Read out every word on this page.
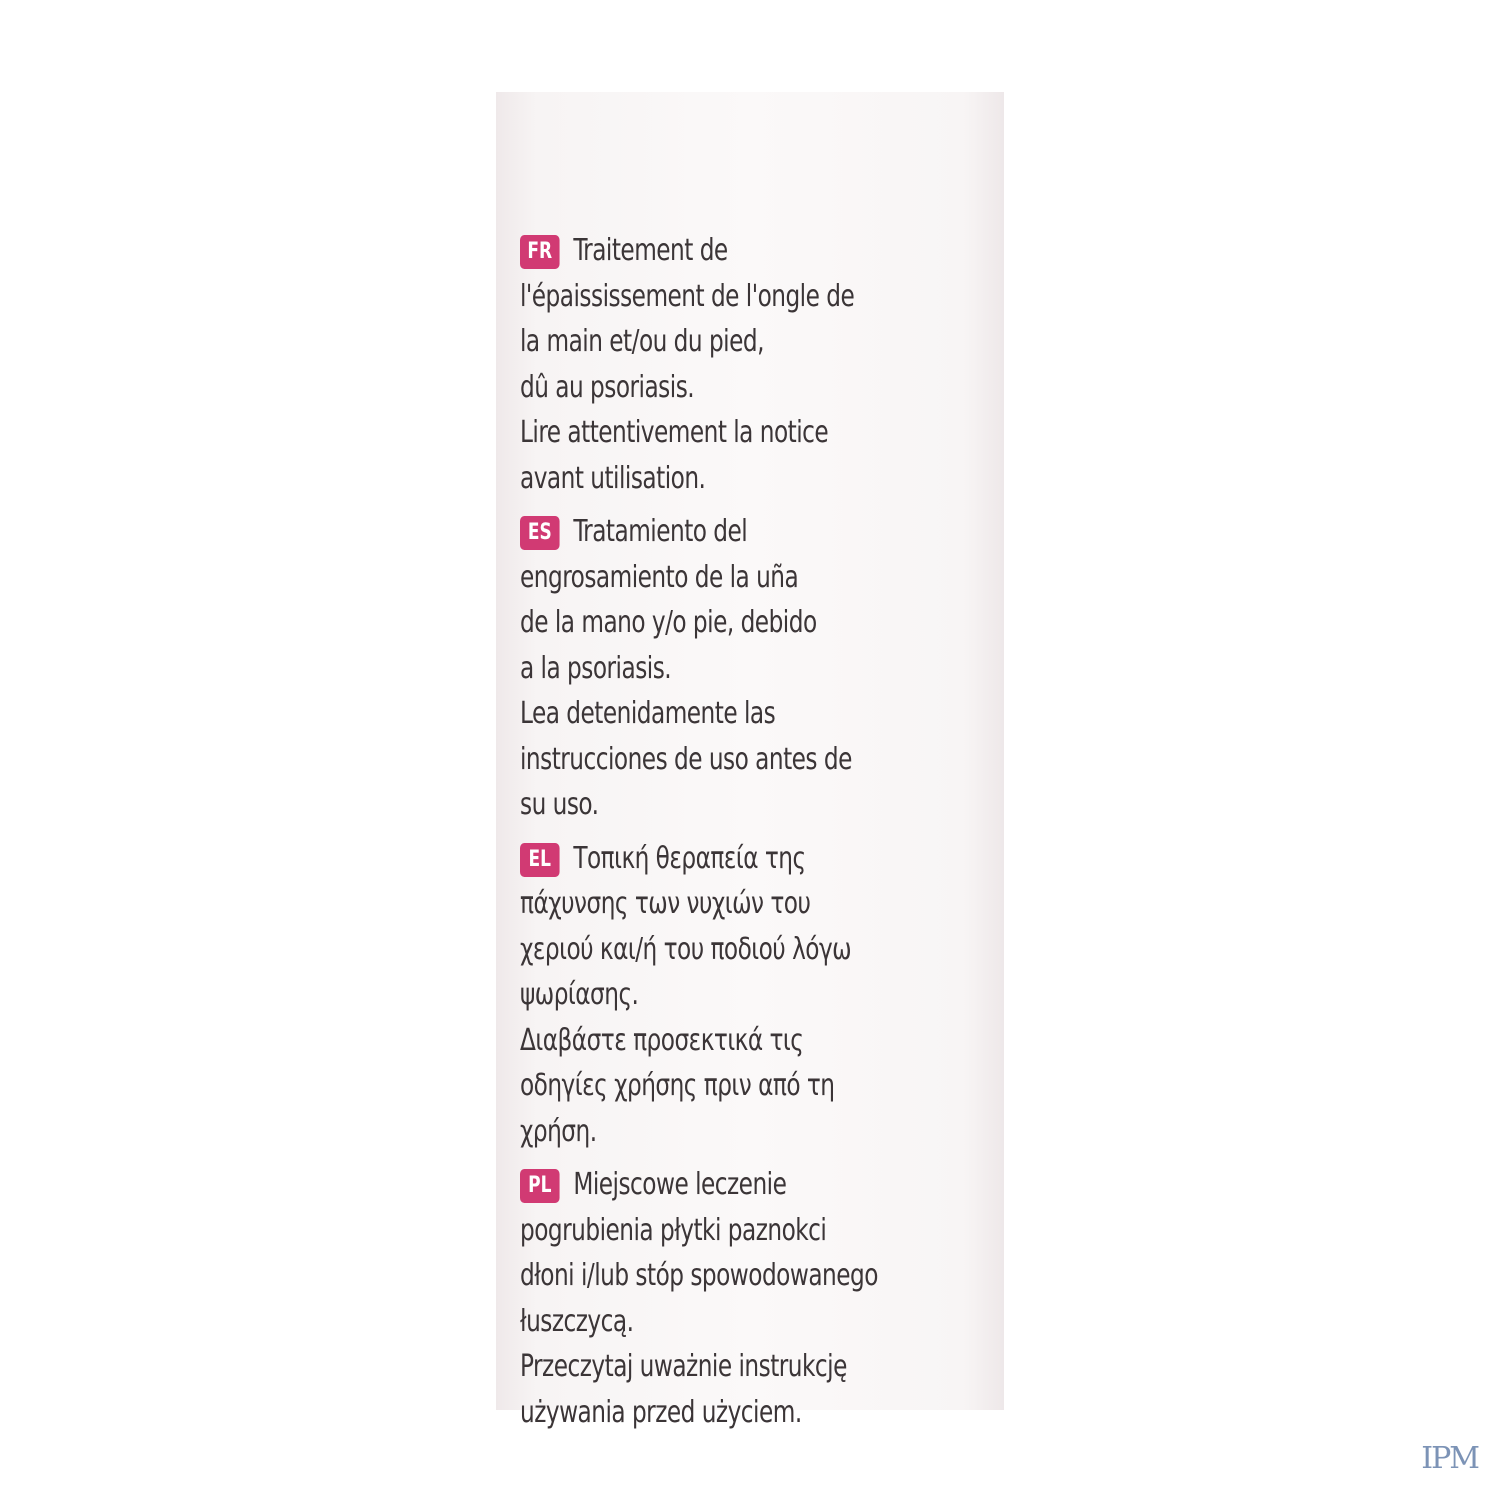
FR Traitement de
l'épaississement de l'ongle de
la main et/ou du pied,
dû au psoriasis.
Lire attentivement la notice
avant utilisation.
ES Tratamiento del
engrosamiento de la uña
de la mano y/o pie, debido
a la psoriasis.
Lea detenidamente las
instrucciones de uso antes de
su uso.
EL Τοπική θεραπεία της
πάχυνσης των νυχιών του
χεριού και/ή του ποδιού λόγω
ψωρίασης.
Διαβάστε προσεκτικά τις
οδηγίες χρήσης πριν από τη
χρήση.
PL Miejscowe leczenie
pogrubienia płytki paznokci
dłoni i/lub stóp spowodowanego
łuszczycą.
Przeczytaj uważnie instrukcję
używania przed użyciem.
IPM
